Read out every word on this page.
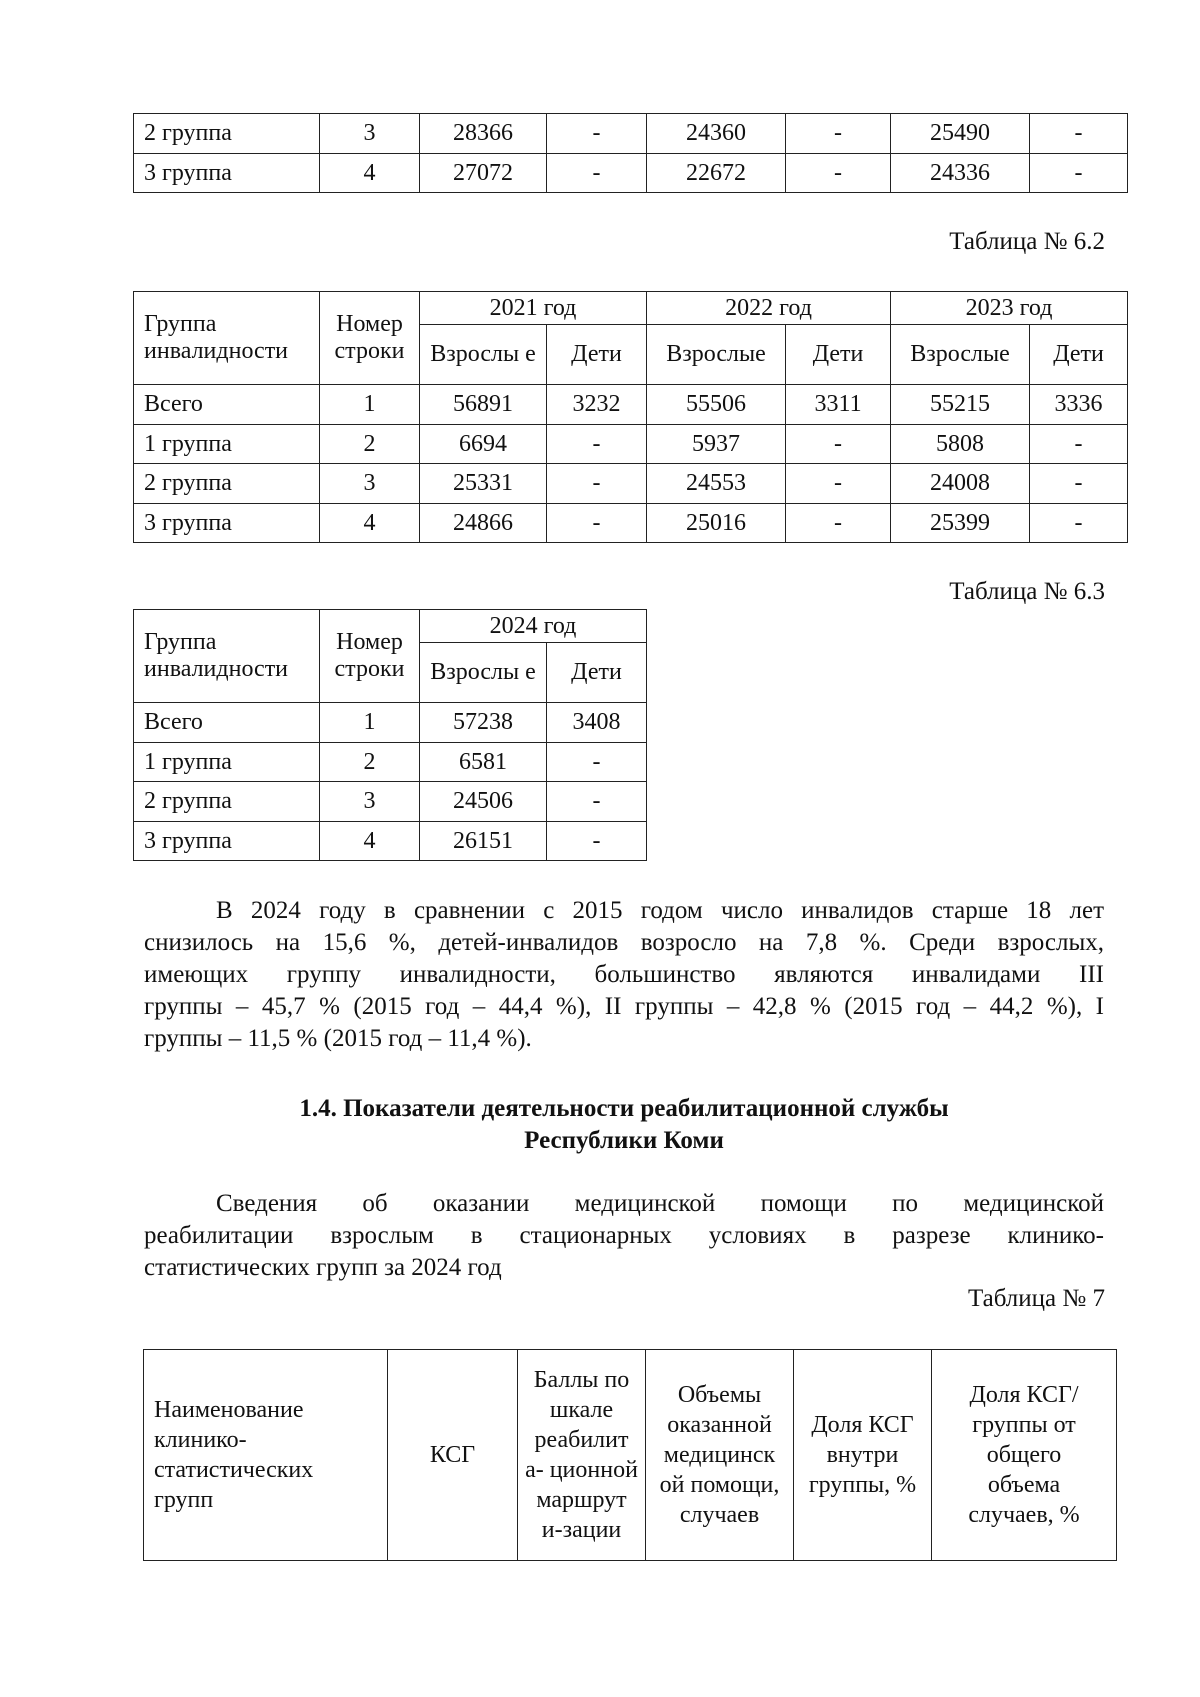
2 группа	3	28366	-	24360	-	25490	-
3 группа	4	27072	-	22672	-	24336	-
Таблица № 6.2
Группа инвалидности	Номер строки	2021 год		2022 год		2023 год	
		Взрослы е	Дети	Взрослые	Дети	Взрослые	Дети
Всего	1	56891	3232	55506	3311	55215	3336
1 группа	2	6694	-	5937	-	5808	-
2 группа	3	25331	-	24553	-	24008	-
3 группа	4	24866	-	25016	-	25399	-
Таблица № 6.3
Группа инвалидности	Номер строки	2024 год	
		Взрослы е	Дети
Всего	1	57238	3408
1 группа	2	6581	-
2 группа	3	24506	-
3 группа	4	26151	-
В 2024 году в сравнении с 2015 годом число инвалидов старше 18 лет
снизилось на 15,6 %, детей-инвалидов возросло на 7,8 %. Среди взрослых,
имеющих группу инвалидности, большинство являются инвалидами III
группы – 45,7 % (2015 год – 44,4 %), II группы – 42,8 % (2015 год – 44,2 %), I
группы – 11,5 % (2015 год – 11,4 %).
1.4. Показатели деятельности реабилитационной службы
Республики Коми
Сведения об оказании медицинской помощи по медицинской
реабилитации взрослым в стационарных условиях в разрезе клинико-
статистических групп за 2024 год
Таблица № 7
Наименование клинико- статистических групп	КСГ	Баллы по шкале реабилит а- ционной маршрут и-зации	Объемы оказанной медицинск ой помощи, случаев	Доля КСГ внутри группы, %	Доля КСГ/ группы от общего объема случаев, %
